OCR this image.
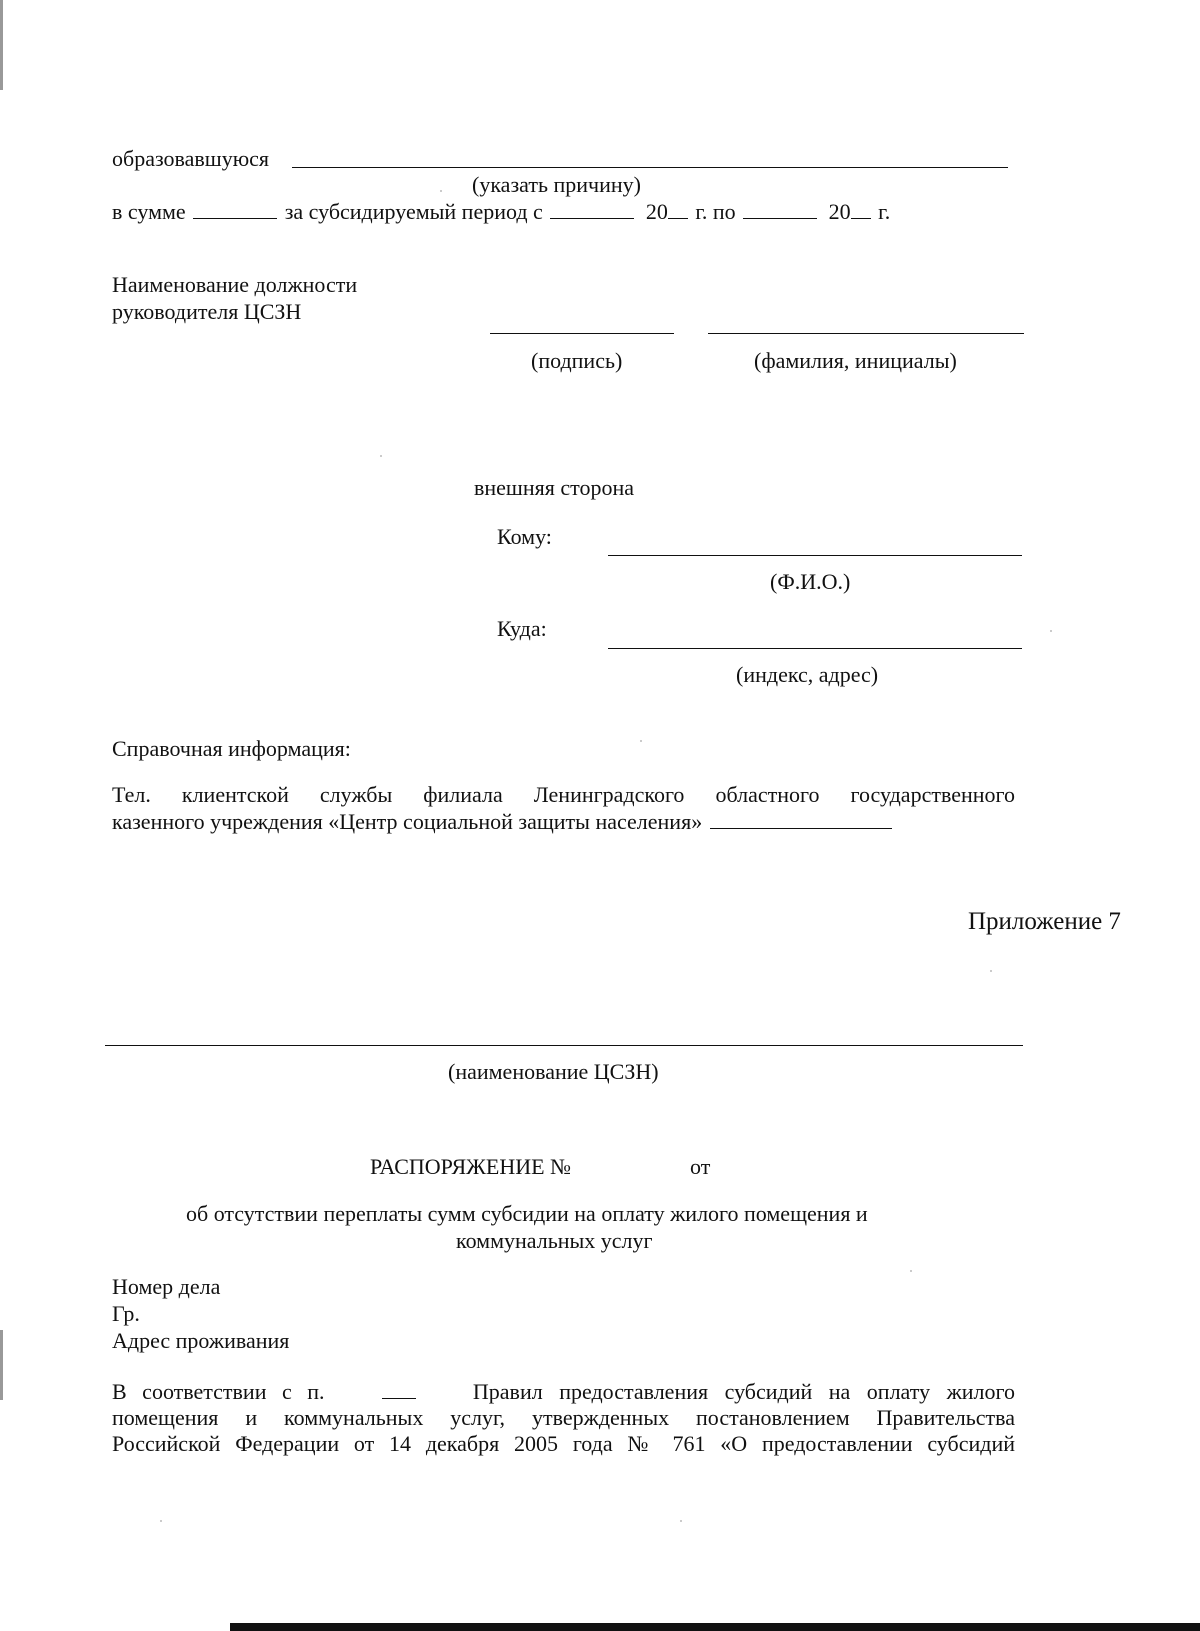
образовавшуюся
(указать причину)
в сумме	за субсидируемый период с	20 г. по	20 г.
Наименование должности
руководителя ЦСЗН
(подпись)	(фамилия, инициалы)
внешняя сторона
Кому:
(Ф.И.О.)
Куда:
(индекс, адрес)
Справочная информация:
Тел. клиентской службы филиала Ленинградского областного государственного
казенного учреждения «Центр социальной защиты населения»
Приложение 7
(наименование ЦСЗН)
РАСПОРЯЖЕНИЕ №	от
об отсутствии переплаты сумм субсидии на оплату жилого помещения и
коммунальных услуг
Номер дела
Гр.
Адрес проживания
В соответствии с п.	Правил предоставления субсидий на оплату жилого
помещения и коммунальных услуг, утвержденных постановлением Правительства
Российской Федерации от 14 декабря 2005 года № 761 «О предоставлении субсидий
